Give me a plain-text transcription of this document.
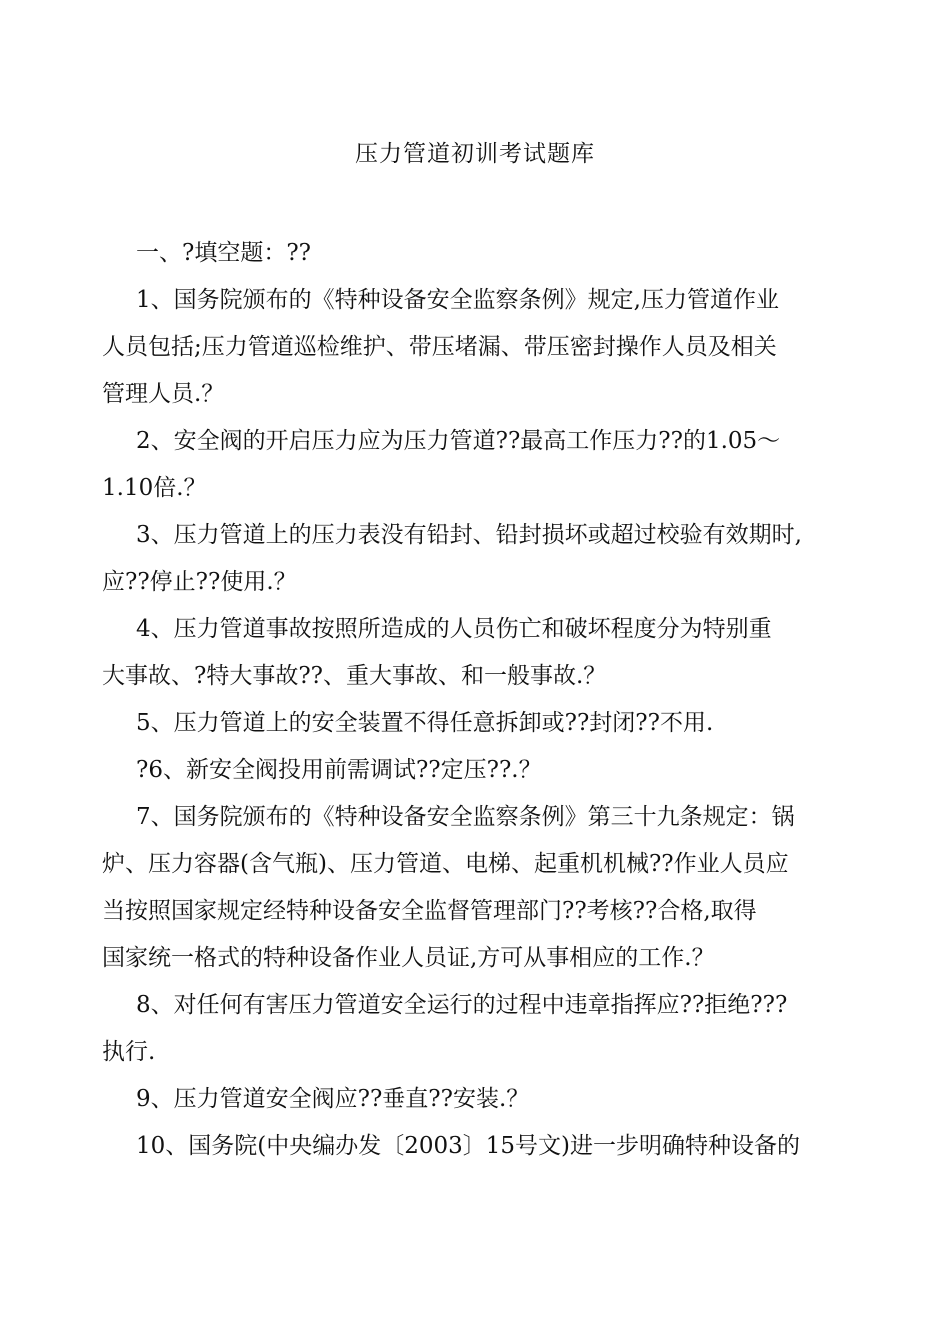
压力管道初训考试题库

一、?填空题：??

1、国务院颁布的《特种设备安全监察条例》规定,压力管道作业

人员包括;压力管道巡检维护、带压堵漏、带压密封操作人员及相关

管理人员.？

2、安全阀的开启压力应为压力管道??最高工作压力??的1.05～

1.10倍.？

3、压力管道上的压力表没有铅封、铅封损坏或超过校验有效期时,

应??停止??使用.？

4、压力管道事故按照所造成的人员伤亡和破坏程度分为特别重

大事故、?特大事故??、重大事故、和一般事故.？

5、压力管道上的安全装置不得任意拆卸或??封闭??不用.

?6、新安全阀投用前需调试??定压??.？

7、国务院颁布的《特种设备安全监察条例》第三十九条规定：锅

炉、压力容器(含气瓶)、压力管道、电梯、起重机机械??作业人员应

当按照国家规定经特种设备安全监督管理部门??考核??合格,取得

国家统一格式的特种设备作业人员证,方可从事相应的工作.？

8、对任何有害压力管道安全运行的过程中违章指挥应??拒绝???

执行.

9、压力管道安全阀应??垂直??安装.？

10、国务院(中央编办发〔2003〕15号文)进一步明确特种设备的
